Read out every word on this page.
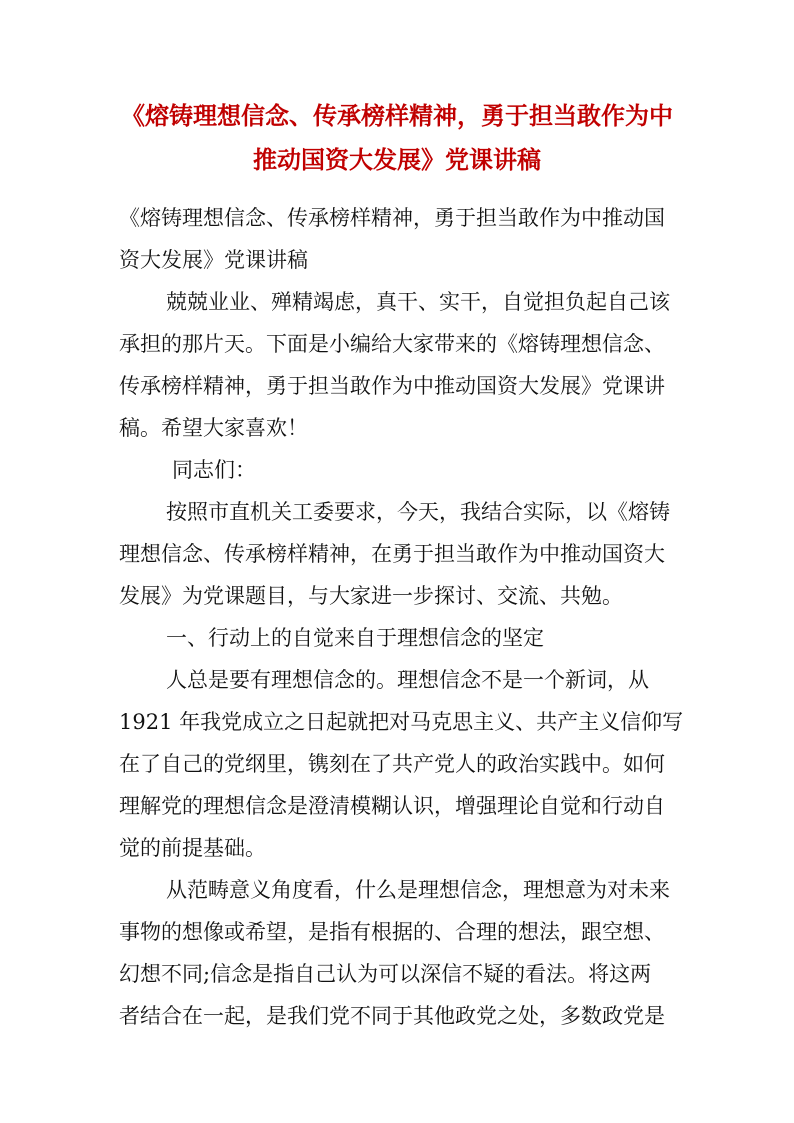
《熔铸理想信念、传承榜样精神，勇于担当敢作为中
推动国资大发展》党课讲稿
《熔铸理想信念、传承榜样精神，勇于担当敢作为中推动国
资大发展》党课讲稿
兢兢业业、殚精竭虑，真干、实干，自觉担负起自己该
承担的那片天。下面是小编给大家带来的《熔铸理想信念、
传承榜样精神，勇于担当敢作为中推动国资大发展》党课讲
稿。希望大家喜欢！
同志们：
按照市直机关工委要求，今天，我结合实际，以《熔铸
理想信念、传承榜样精神，在勇于担当敢作为中推动国资大
发展》为党课题目，与大家进一步探讨、交流、共勉。
一、行动上的自觉来自于理想信念的坚定
人总是要有理想信念的。理想信念不是一个新词，从
1921 年我党成立之日起就把对马克思主义、共产主义信仰写
在了自己的党纲里，镌刻在了共产党人的政治实践中。如何
理解党的理想信念是澄清模糊认识，增强理论自觉和行动自
觉的前提基础。
从范畴意义角度看，什么是理想信念，理想意为对未来
事物的想像或希望，是指有根据的、合理的想法，跟空想、
幻想不同;信念是指自己认为可以深信不疑的看法。将这两
者结合在一起，是我们党不同于其他政党之处，多数政党是
